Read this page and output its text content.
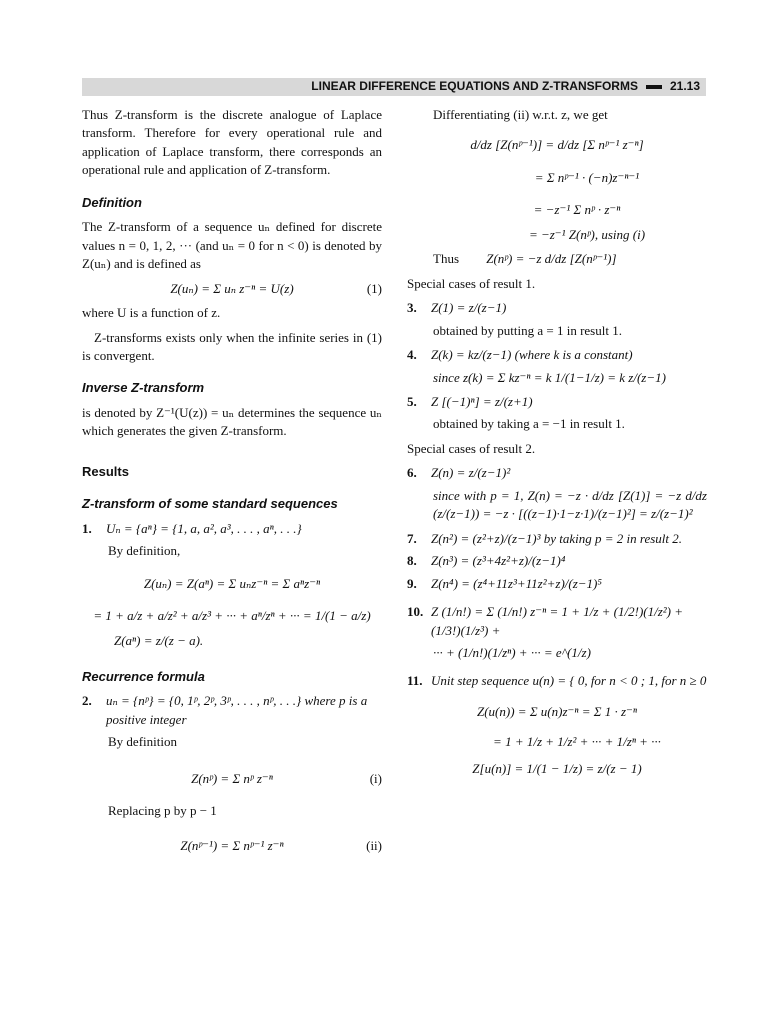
LINEAR DIFFERENCE EQUATIONS AND Z-TRANSFORMS	21.13

Thus Z-transform is the discrete analogue of Laplace transform. Therefore for every operational rule and application of Laplace transform, there corresponds an operational rule and application of Z-transform.

Definition

The Z-transform of a sequence uₙ defined for discrete values n = 0, 1, 2, ··· (and uₙ = 0 for n < 0) is denoted by Z(uₙ) and is defined as

Z(uₙ) = Σ uₙ z⁻ⁿ = U(z)	(1)

where U is a function of z.

Z-transforms exists only when the infinite series in (1) is convergent.

Inverse Z-transform

is denoted by Z⁻¹(U(z)) = uₙ determines the sequence uₙ which generates the given Z-transform.

Results
Z-transform of some standard sequences
1.	Uₙ = {aⁿ} = {1, a, a², a³, . . . , aⁿ, . . .}

By definition,

Z(uₙ) = Z(aⁿ) = Σ uₙz⁻ⁿ = Σ aⁿz⁻ⁿ
= 1 + a/z + a/z² + a/z³ + ··· + aⁿ/zⁿ + ··· = 1/(1 − a/z)
Z(aⁿ) = z/(z − a).
Recurrence formula
2.	uₙ = {nᵖ} = {0, 1ᵖ, 2ᵖ, 3ᵖ, . . . , nᵖ, . . .} where p is a positive integer

By definition

Z(nᵖ) = Σ nᵖ z⁻ⁿ	(i)

Replacing p by p − 1

Z(nᵖ⁻¹) = Σ nᵖ⁻¹ z⁻ⁿ	(ii)

Differentiating (ii) w.r.t. z, we get

d/dz [Z(nᵖ⁻¹)] = d/dz [Σ nᵖ⁻¹ z⁻ⁿ]
= Σ nᵖ⁻¹ · (−n)z⁻ⁿ⁻¹
= −z⁻¹ Σ nᵖ · z⁻ⁿ
= −z⁻¹ Z(nᵖ), using (i)
Thus Z(nᵖ) = −z d/dz [Z(nᵖ⁻¹)]

Special cases of result 1.

3.	Z(1) = z/(z−1)

obtained by putting a = 1 in result 1.

4.	Z(k) = kz/(z−1) (where k is a constant)

since z(k) = Σ kz⁻ⁿ = k 1/(1−1/z) = k z/(z−1)

5.	Z [(−1)ⁿ] = z/(z+1)

obtained by taking a = −1 in result 1.

Special cases of result 2.

6.	Z(n) = z/(z−1)²

since with p = 1, Z(n) = −z · d/dz [Z(1)] = −z d/dz (z/(z−1)) = −z · [((z−1)·1−z·1)/(z−1)²] = z/(z−1)²

7.	Z(n²) = (z²+z)/(z−1)³ by taking p = 2 in result 2.
8.	Z(n³) = (z³+4z²+z)/(z−1)⁴
9.	Z(n⁴) = (z⁴+11z³+11z²+z)/(z−1)⁵
10. Z (1/n!) = Σ (1/n!) z⁻ⁿ = 1 + 1/z + (1/2!)(1/z²) + (1/3!)(1/z³) +

··· + (1/n!)(1/zⁿ) + ··· = e^(1/z)

11. Unit step sequence u(n) = { 0, for n < 0 ; 1, for n ≥ 0
Z(u(n)) = Σ u(n)z⁻ⁿ = Σ 1 · z⁻ⁿ
= 1 + 1/z + 1/z² + ··· + 1/zⁿ + ···
Z[u(n)] = 1/(1 − 1/z) = z/(z − 1)
